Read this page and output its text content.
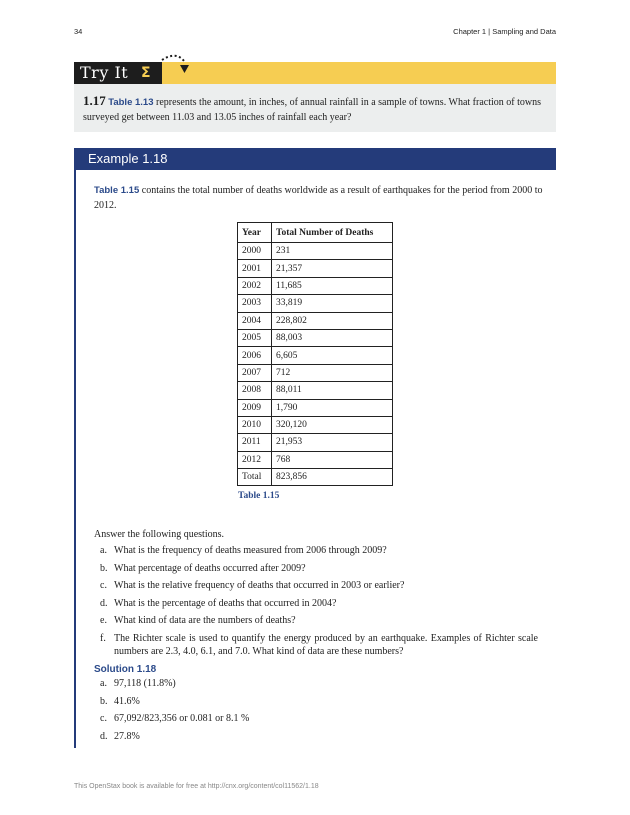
34	Chapter 1 | Sampling and Data
Try It Σ
1.17 Table 1.13 represents the amount, in inches, of annual rainfall in a sample of towns. What fraction of towns surveyed get between 11.03 and 13.05 inches of rainfall each year?
Example 1.18
Table 1.15 contains the total number of deaths worldwide as a result of earthquakes for the period from 2000 to 2012.
Year	Total Number of Deaths
2000	231
2001	21,357
2002	11,685
2003	33,819
2004	228,802
2005	88,003
2006	6,605
2007	712
2008	88,011
2009	1,790
2010	320,120
2011	21,953
2012	768
Total	823,856
Table 1.15
Answer the following questions.
a. What is the frequency of deaths measured from 2006 through 2009?
b. What percentage of deaths occurred after 2009?
c. What is the relative frequency of deaths that occurred in 2003 or earlier?
d. What is the percentage of deaths that occurred in 2004?
e. What kind of data are the numbers of deaths?
f. The Richter scale is used to quantify the energy produced by an earthquake. Examples of Richter scale numbers are 2.3, 4.0, 6.1, and 7.0. What kind of data are these numbers?
Solution 1.18
a. 97,118 (11.8%)
b. 41.6%
c. 67,092/823,356 or 0.081 or 8.1 %
d. 27.8%
This OpenStax book is available for free at http://cnx.org/content/col11562/1.18
